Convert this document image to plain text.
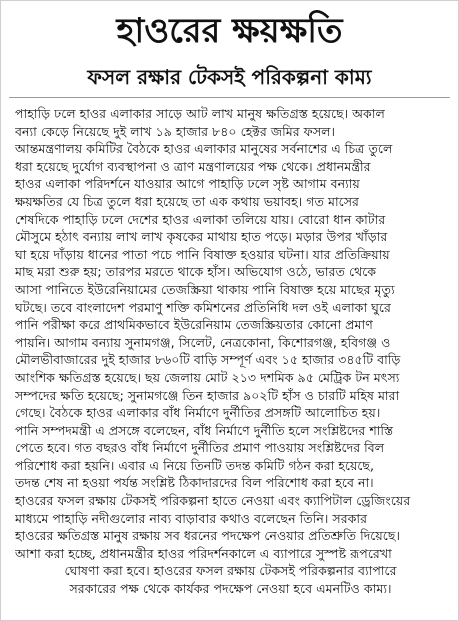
হাওরের ক্ষয়ক্ষতি
ফসল রক্ষার টেকসই পরিকল্পনা কাম্য
পাহাড়ি ঢলে হাওর এলাকার সাড়ে আট লাখ মানুষ ক্ষতিগ্রস্ত হয়েছে। অকাল
বন্যা কেড়ে নিয়েছে দুই লাখ ১৯ হাজার ৮৪০ হেক্টর জমির ফসল।
আন্তমন্ত্রণালয় কমিটির বৈঠকে হাওর এলাকার মানুষের সর্বনাশের এ চিত্র তুলে
ধরা হয়েছে দুর্যোগ ব্যবস্থাপনা ও ত্রাণ মন্ত্রণালয়ের পক্ষ থেকে। প্রধানমন্ত্রীর
হাওর এলাকা পরিদর্শনে যাওয়ার আগে পাহাড়ি ঢলে সৃষ্ট আগাম বন্যায়
ক্ষয়ক্ষতির যে চিত্র তুলে ধরা হয়েছে তা এক কথায় ভয়াবহ। গত মাসের
শেষদিকে পাহাড়ি ঢলে দেশের হাওর এলাকা তলিয়ে যায়। বোরো ধান কাটার
মৌসুমে হঠাৎ বন্যায় লাখ লাখ কৃষকের মাথায় হাত পড়ে। মড়ার উপর খাঁড়ার
ঘা হয়ে দাঁড়ায় ধানের পাতা পচে পানি বিষাক্ত হওয়ার ঘটনা। যার প্রতিক্রিয়ায়
মাছ মরা শুরু হয়; তারপর মরতে থাকে হাঁস। অভিযোগ ওঠে, ভারত থেকে
আসা পানিতে ইউরেনিয়ামের তেজস্ক্রিয়া থাকায় পানি বিষাক্ত হয়ে মাছের মৃত্যু
ঘটছে। তবে বাংলাদেশ পরমাণু শক্তি কমিশনের প্রতিনিধি দল ওই এলাকা ঘুরে
পানি পরীক্ষা করে প্রাথমিকভাবে ইউরেনিয়াম তেজস্ক্রিয়তার কোনো প্রমাণ
পায়নি। আগাম বন্যায় সুনামগঞ্জ, সিলেট, নেত্রকোনা, কিশোরগঞ্জ, হবিগঞ্জ ও
মৌলভীবাজারের দুই হাজার ৮৬০টি বাড়ি সম্পূর্ণ এবং ১৫ হাজার ৩৪৫টি বাড়ি
আংশিক ক্ষতিগ্রস্ত হয়েছে। ছয় জেলায় মোট ২১৩ দশমিক ৯৫ মেট্রিক টন মৎস্য
সম্পদের ক্ষতি হয়েছে; সুনামগঞ্জে তিন হাজার ৯০২টি হাঁস ও চারটি মহিষ মারা
গেছে। বৈঠকে হাওর এলাকার বাঁধ নির্মাণে দুর্নীতির প্রসঙ্গটি আলোচিত হয়।
পানি সম্পদমন্ত্রী এ প্রসঙ্গে বলেছেন, বাঁধ নির্মাণে দুর্নীতি হলে সংশ্লিষ্টদের শাস্তি
পেতে হবে। গত বছরও বাঁধ নির্মাণে দুর্নীতির প্রমাণ পাওয়ায় সংশ্লিষ্টদের বিল
পরিশোধ করা হয়নি। এবার এ নিয়ে তিনটি তদন্ত কমিটি গঠন করা হয়েছে,
তদন্ত শেষ না হওয়া পর্যন্ত সংশ্লিষ্ট ঠিকাদারদের বিল পরিশোধ করা হবে না।
হাওরের ফসল রক্ষায় টেকসই পরিকল্পনা হাতে নেওয়া এবং ক্যাপিটাল ড্রেজিংয়ের
মাধ্যমে পাহাড়ি নদীগুলোর নাব্য বাড়াবার কথাও বলেছেন তিনি। সরকার
হাওরের ক্ষতিগ্রস্ত মানুষ রক্ষায় সব ধরনের পদক্ষেপ নেওয়ার প্রতিশ্রুতি দিয়েছে।
আশা করা হচ্ছে, প্রধানমন্ত্রীর হাওর পরিদর্শনকালে এ ব্যাপারে সুস্পষ্ট রূপরেখা
ঘোষণা করা হবে। হাওরের ফসল রক্ষায় টেকসই পরিকল্পনার ব্যাপারে
সরকারের পক্ষ থেকে কার্যকর পদক্ষেপ নেওয়া হবে এমনটিও কাম্য।
